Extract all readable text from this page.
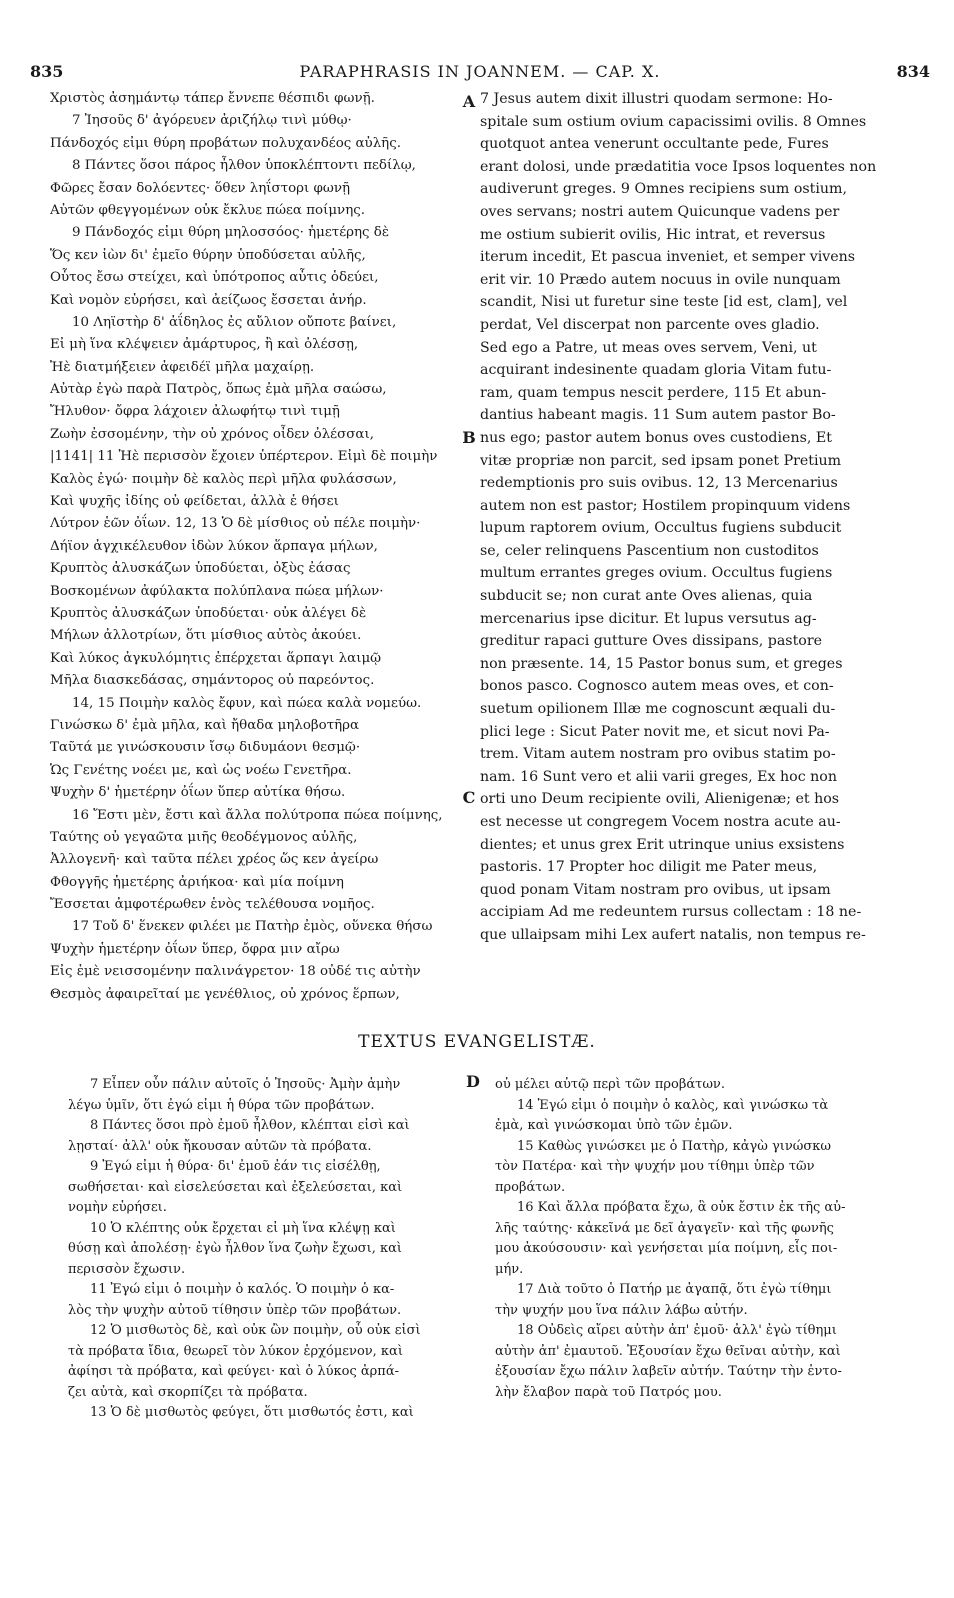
835	PARAPHRASIS IN JOANNEM. — CAP. X.	834
Χριστὸς ἀσημάντῳ τάπερ ἔννεπε θέσπιδι φωνῇ.
7 Ἰησοῦς δ' ἀγόρευεν ἀριζήλῳ τινὶ μύθῳ·
Πάνδοχός εἰμι θύρη προβάτων πολυχανδέος αὐλῆς.
8 Πάντες ὅσοι πάρος ἦλθον ὑποκλέπτοντι πεδίλῳ,
Φῶρες ἔσαν δολόεντες· ὅθεν ληΐστορι φωνῇ
Αὐτῶν φθεγγομένων οὐκ ἔκλυε πώεα ποίμνης.
9 Πάνδοχός εἰμι θύρη μηλοσσόος· ἡμετέρης δὲ
Ὅς κεν ἰὼν δι' ἐμεῖο θύρην ὑποδύσεται αὐλῆς,
Οὗτος ἔσω στείχει, καὶ ὑπότροπος αὖτις ὁδεύει,
Καὶ νομὸν εὑρήσει, καὶ ἀείζωος ἔσσεται ἀνήρ.
10 Ληϊστὴρ δ' ἀΐδηλος ἐς αὔλιον οὔποτε βαίνει,
Εἰ μὴ ἵνα κλέψειεν ἀμάρτυρος, ἢ καὶ ὀλέσσῃ,
Ἠὲ διατμήξειεν ἀφειδέϊ μῆλα μαχαίρῃ.
Αὐτὰρ ἐγὼ παρὰ Πατρὸς, ὅπως ἐμὰ μῆλα σαώσω,
Ἤλυθον· ὄφρα λάχοιεν ἀλωφήτῳ τινὶ τιμῇ
Ζωὴν ἐσσομένην, τὴν οὐ χρόνος οἶδεν ὀλέσσαι,
|1141| 11 Ἠὲ περισσὸν ἔχοιεν ὑπέρτερον. Εἰμὶ δὲ ποιμὴν
Καλὸς ἐγώ· ποιμὴν δὲ καλὸς περὶ μῆλα φυλάσσων,
Καὶ ψυχῆς ἰδίης οὐ φείδεται, ἀλλὰ ἑ θήσει
Λύτρον ἑῶν ὀΐων. 12, 13 Ὁ δὲ μίσθιος οὐ πέλε ποιμὴν·
Δήϊον ἀγχικέλευθον ἰδὼν λύκον ἅρπαγα μήλων,
Κρυπτὸς ἀλυσκάζων ὑποδύεται, ὀξὺς ἐάσας
Βοσκομένων ἀφύλακτα πολύπλανα πώεα μήλων·
Κρυπτὸς ἀλυσκάζων ὑποδύεται· οὐκ ἀλέγει δὲ
Μήλων ἀλλοτρίων, ὅτι μίσθιος αὐτὸς ἀκούει.
Καὶ λύκος ἀγκυλόμητις ἐπέρχεται ἅρπαγι λαιμῷ
Μῆλα διασκεδάσας, σημάντορος οὐ παρεόντος.
14, 15 Ποιμὴν καλὸς ἔφυν, καὶ πώεα καλὰ νομεύω.
Γινώσκω δ' ἐμὰ μῆλα, καὶ ἤθαδα μηλοβοτῆρα
Ταῦτά με γινώσκουσιν ἴσῳ διδυμάονι θεσμῷ·
Ὡς Γενέτης νοέει με, καὶ ὡς νοέω Γενετῆρα.
Ψυχὴν δ' ἡμετέρην ὀΐων ὕπερ αὐτίκα θήσω.
16 Ἔστι μὲν, ἔστι καὶ ἄλλα πολύτροπα πώεα ποίμνης,
Ταύτης οὐ γεγαῶτα μιῆς θεοδέγμονος αὐλῆς,
Ἀλλογενῆ· καὶ ταῦτα πέλει χρέος ὥς κεν ἀγείρω
Φθογγῆς ἡμετέρης ἀριήκοα· καὶ μία ποίμνη
Ἔσσεται ἀμφοτέρωθεν ἑνὸς τελέθουσα νομῆος.
17 Τοὔ δ' ἕνεκεν φιλέει με Πατὴρ ἐμὸς, οὕνεκα θήσω
Ψυχὴν ἡμετέρην ὀΐων ὕπερ, ὄφρα μιν αἴρω
Εἰς ἐμὲ νεισσομένην παλινάγρετον· 18 οὐδέ τις αὐτὴν
Θεσμὸς ἀφαιρεῖταί με γενέθλιος, οὐ χρόνος ἕρπων,
A
B
C
7 Jesus autem dixit illustri quodam sermone: Ho-
spitale sum ostium ovium capacissimi ovilis. 8 Omnes
quotquot antea venerunt occultante pede, Fures
erant dolosi, unde prædatitia voce Ipsos loquentes non
audiverunt greges. 9 Omnes recipiens sum ostium,
oves servans; nostri autem Quicunque vadens per
me ostium subierit ovilis, Hic intrat, et reversus
iterum incedit, Et pascua inveniet, et semper vivens
erit vir. 10 Prædo autem nocuus in ovile nunquam
scandit, Nisi ut furetur sine teste [id est, clam], vel
perdat, Vel discerpat non parcente oves gladio.
Sed ego a Patre, ut meas oves servem, Veni, ut
acquirant indesinente quadam gloria Vitam futu-
ram, quam tempus nescit perdere, 115 Et abun-
dantius habeant magis. 11 Sum autem pastor Bo-
nus ego; pastor autem bonus oves custodiens, Et
vitæ propriæ non parcit, sed ipsam ponet Pretium
redemptionis pro suis ovibus. 12, 13 Mercenarius
autem non est pastor; Hostilem propinquum videns
lupum raptorem ovium, Occultus fugiens subducit
se, celer relinquens Pascentium non custoditos
multum errantes greges ovium. Occultus fugiens
subducit se; non curat ante Oves alienas, quia
mercenarius ipse dicitur. Et lupus versutus ag-
greditur rapaci gutture Oves dissipans, pastore
non præsente. 14, 15 Pastor bonus sum, et greges
bonos pasco. Cognosco autem meas oves, et con-
suetum opilionem Illæ me cognoscunt æquali du-
plici lege : Sicut Pater novit me, et sicut novi Pa-
trem. Vitam autem nostram pro ovibus statim po-
nam. 16 Sunt vero et alii varii greges, Ex hoc non
orti uno Deum recipiente ovili, Alienigenæ; et hos
est necesse ut congregem Vocem nostra acute au-
dientes; et unus grex Erit utrinque unius exsistens
pastoris. 17 Propter hoc diligit me Pater meus,
quod ponam Vitam nostram pro ovibus, ut ipsam
accipiam Ad me redeuntem rursus collectam : 18 ne-
que ullaipsam mihi Lex aufert natalis, non tempus re-
TEXTUS EVANGELISTÆ.
7 Εἶπεν οὖν πάλιν αὐτοῖς ὁ Ἰησοῦς· Ἀμὴν ἀμὴν
λέγω ὑμῖν, ὅτι ἐγώ εἰμι ἡ θύρα τῶν προβάτων.
8 Πάντες ὅσοι πρὸ ἐμοῦ ἦλθον, κλέπται εἰσὶ καὶ
λῃσταί· ἀλλ' οὐκ ἤκουσαν αὐτῶν τὰ πρόβατα.
9 Ἐγώ εἰμι ἡ θύρα· δι' ἐμοῦ ἐάν τις εἰσέλθῃ,
σωθήσεται· καὶ εἰσελεύσεται καὶ ἐξελεύσεται, καὶ
νομὴν εὑρήσει.
10 Ὁ κλέπτης οὐκ ἔρχεται εἰ μὴ ἵνα κλέψῃ καὶ
θύσῃ καὶ ἀπολέσῃ· ἐγὼ ἦλθον ἵνα ζωὴν ἔχωσι, καὶ
περισσὸν ἔχωσιν.
11 Ἐγώ εἰμι ὁ ποιμὴν ὁ καλός. Ὁ ποιμὴν ὁ κα-
λὸς τὴν ψυχὴν αὐτοῦ τίθησιν ὑπὲρ τῶν προβάτων.
12 Ὁ μισθωτὸς δὲ, καὶ οὐκ ὢν ποιμὴν, οὗ οὐκ εἰσὶ
τὰ πρόβατα ἴδια, θεωρεῖ τὸν λύκον ἐρχόμενον, καὶ
ἀφίησι τὰ πρόβατα, καὶ φεύγει· καὶ ὁ λύκος ἁρπά-
ζει αὐτὰ, καὶ σκορπίζει τὰ πρόβατα.
13 Ὁ δὲ μισθωτὸς φεύγει, ὅτι μισθωτός ἐστι, καὶ
D οὐ μέλει αὐτῷ περὶ τῶν προβάτων.
14 Ἐγώ εἰμι ὁ ποιμὴν ὁ καλὸς, καὶ γινώσκω τὰ
ἐμὰ, καὶ γινώσκομαι ὑπὸ τῶν ἐμῶν.
15 Καθὼς γινώσκει με ὁ Πατὴρ, κἀγὼ γινώσκω
τὸν Πατέρα· καὶ τὴν ψυχήν μου τίθημι ὑπὲρ τῶν
προβάτων.
16 Καὶ ἄλλα πρόβατα ἔχω, ἃ οὐκ ἔστιν ἐκ τῆς αὐ-
λῆς ταύτης· κἀκεῖνά με δεῖ ἀγαγεῖν· καὶ τῆς φωνῆς
μου ἀκούσουσιν· καὶ γενήσεται μία ποίμνη, εἷς ποι-
μήν.
17 Διὰ τοῦτο ὁ Πατήρ με ἀγαπᾷ, ὅτι ἐγὼ τίθημι
τὴν ψυχήν μου ἵνα πάλιν λάβω αὐτήν.
18 Οὐδεὶς αἴρει αὐτὴν ἀπ' ἐμοῦ· ἀλλ' ἐγὼ τίθημι
αὐτὴν ἀπ' ἐμαυτοῦ. Ἐξουσίαν ἔχω θεῖναι αὐτὴν, καὶ
ἐξουσίαν ἔχω πάλιν λαβεῖν αὐτήν. Ταύτην τὴν ἐντο-
λὴν ἔλαβον παρὰ τοῦ Πατρός μου.
